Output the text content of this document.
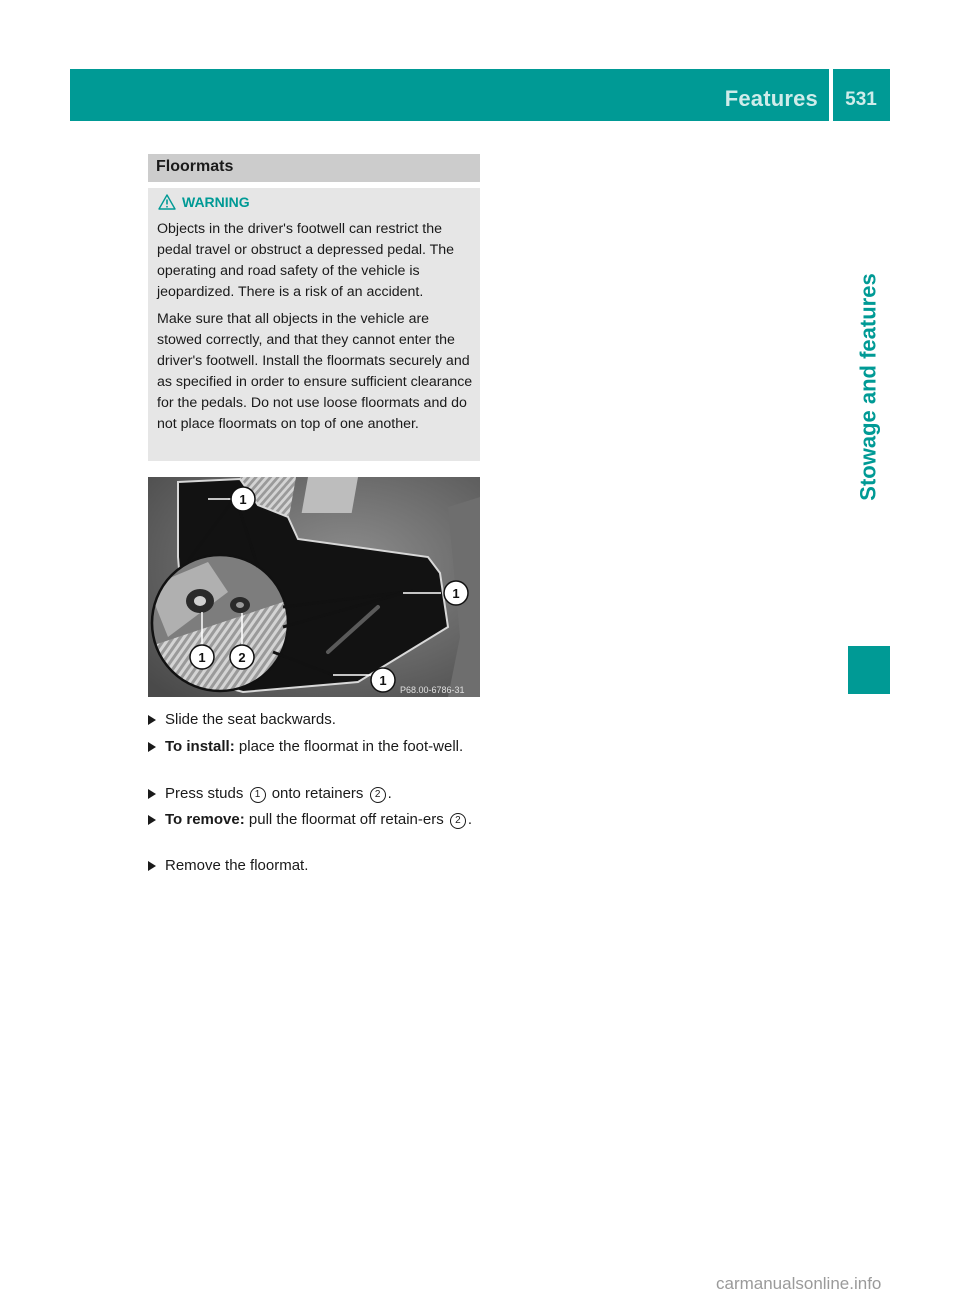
Features	531
Stowage and features
Floormats
WARNING

Objects in the driver's footwell can restrict the pedal travel or obstruct a depressed pedal. The operating and road safety of the vehicle is jeopardized. There is a risk of an accident.

Make sure that all objects in the vehicle are stowed correctly, and that they cannot enter the driver's footwell. Install the floormats securely and as specified in order to ensure sufficient clearance for the pedals. Do not use loose floormats and do not place floormats on top of one another.

1
1
1
1	2
P68.00-6786-31
Slide the seat backwards.
To install: place the floormat in the foot-well.
Press studs 1 onto retainers 2 .
To remove: pull the floormat off retain-ers 2 .
Remove the floormat.
carmanualsonline.info
